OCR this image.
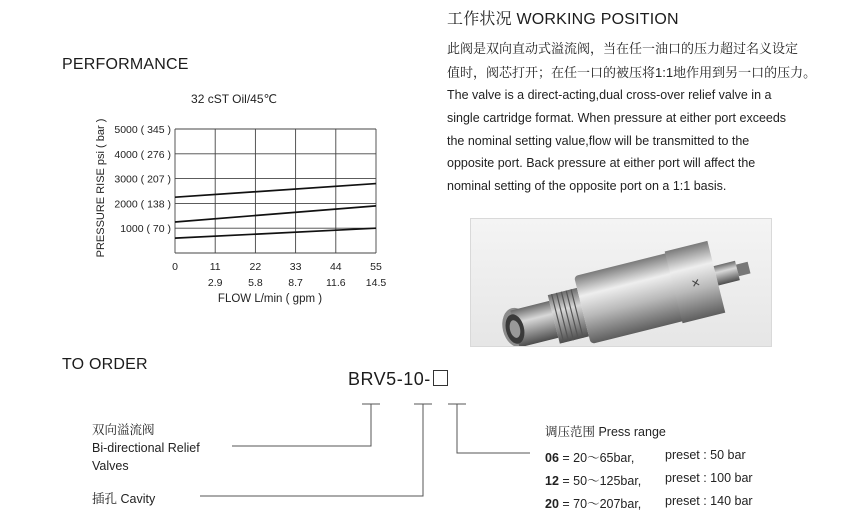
工作状况 WORKING POSITION
此阀是双向直动式溢流阀，当在任一油口的压力超过名义设定
值时，阀芯打开；在任一口的被压将1:1地作用到另一口的压力。
The valve is a direct-acting,dual cross-over relief valve in a
single cartridge format. When pressure at either port exceeds
the nominal setting value,flow will be transmitted to the
opposite port. Back pressure at either port will affect the
nominal setting of the opposite port on a 1:1 basis.
PERFORMANCE
32 cST Oil/45℃
PRESSURE RISE psi ( bar )
FLOW L/min ( gpm )
1000 ( 70 )
2000 ( 138 )
3000 ( 207 )
4000 ( 276 )
5000 ( 345 )
0	11	22	33	44	55
2.9 5.8 8.7 11.6 14.5	✕
TO ORDER
BRV5-10-
双向溢流阀
Bi-directional Relief
Valves
插孔 Cavity
调压范围 Press range
06 = 20～65bar, preset : 50 bar
12 = 50～125bar, preset : 100 bar
20 = 70～207bar, preset : 140 bar
